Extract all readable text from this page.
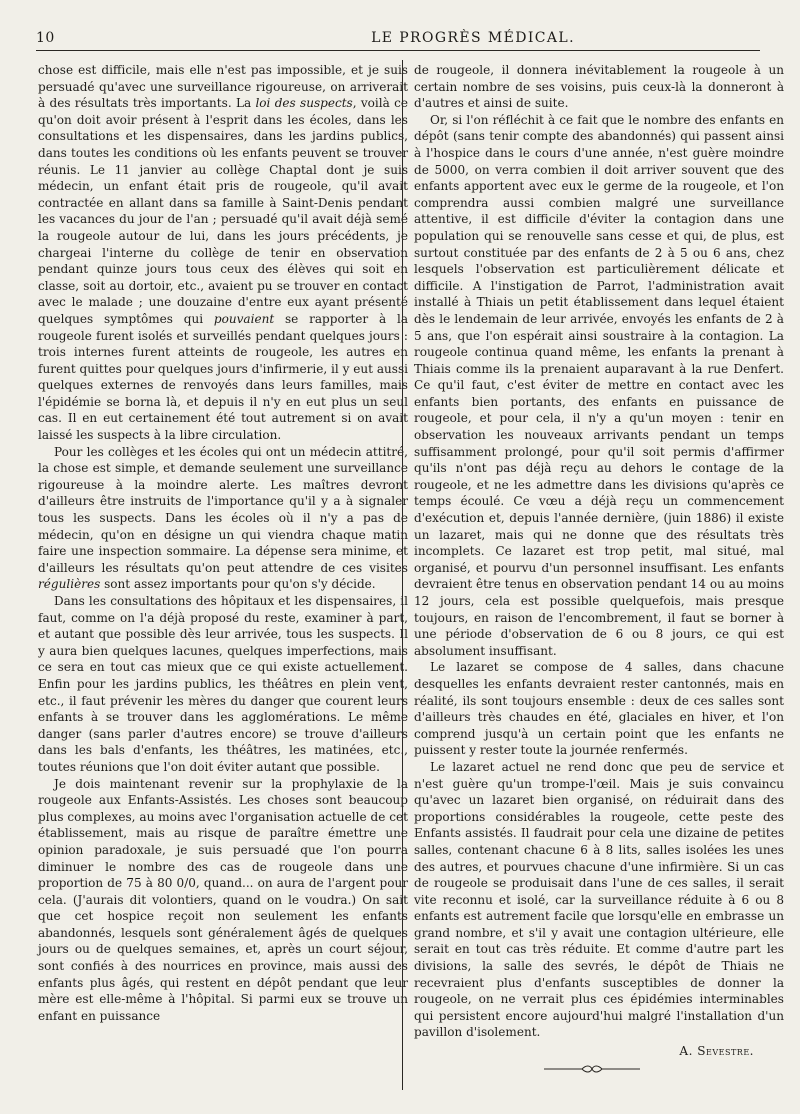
10	LE PROGRÈS MÉDICAL.

chose est difficile, mais elle n'est pas impossible, et je suis persuadé qu'avec une surveillance rigoureuse, on arriverait à des résultats très importants. La loi des suspects, voilà ce qu'on doit avoir présent à l'esprit dans les écoles, dans les consultations et les dispensaires, dans les jardins publics, dans toutes les conditions où les enfants peuvent se trouver réunis. Le 11 janvier au collège Chaptal dont je suis médecin, un enfant était pris de rougeole, qu'il avait contractée en allant dans sa famille à Saint-Denis pendant les vacances du jour de l'an ; persuadé qu'il avait déjà semé la rougeole autour de lui, dans les jours précédents, je chargeai l'interne du collège de tenir en observation pendant quinze jours tous ceux des élèves qui soit en classe, soit au dortoir, etc., avaient pu se trouver en contact avec le malade ; une douzaine d'entre eux ayant présenté quelques symptômes qui pouvaient se rapporter à la rougeole furent isolés et surveillés pendant quelques jours : trois internes furent atteints de rougeole, les autres en furent quittes pour quelques jours d'infirmerie, il y eut aussi quelques externes de renvoyés dans leurs familles, mais l'épidémie se borna là, et depuis il n'y en eut plus un seul cas. Il en eut certainement été tout autrement si on avait laissé les suspects à la libre circulation.

Pour les collèges et les écoles qui ont un médecin attitré, la chose est simple, et demande seulement une surveillance rigoureuse à la moindre alerte. Les maîtres devront d'ailleurs être instruits de l'importance qu'il y a à signaler tous les suspects. Dans les écoles où il n'y a pas de médecin, qu'on en désigne un qui viendra chaque matin faire une inspection sommaire. La dépense sera minime, et d'ailleurs les résultats qu'on peut attendre de ces visites régulières sont assez importants pour qu'on s'y décide.

Dans les consultations des hôpitaux et les dispensaires, il faut, comme on l'a déjà proposé du reste, examiner à part, et autant que possible dès leur arrivée, tous les suspects. Il y aura bien quelques lacunes, quelques imperfections, mais ce sera en tout cas mieux que ce qui existe actuellement. Enfin pour les jardins publics, les théâtres en plein vent, etc., il faut prévenir les mères du danger que courent leurs enfants à se trouver dans les agglomérations. Le même danger (sans parler d'autres encore) se trouve d'ailleurs dans les bals d'enfants, les théâtres, les matinées, etc., toutes réunions que l'on doit éviter autant que possible.

Je dois maintenant revenir sur la prophylaxie de la rougeole aux Enfants-Assistés. Les choses sont beaucoup plus complexes, au moins avec l'organisation actuelle de cet établissement, mais au risque de paraître émettre une opinion paradoxale, je suis persuadé que l'on pourra diminuer le nombre des cas de rougeole dans une proportion de 75 à 80 0/0, quand... on aura de l'argent pour cela. (J'aurais dit volontiers, quand on le voudra.) On sait que cet hospice reçoit non seulement les enfants abandonnés, lesquels sont généralement âgés de quelques jours ou de quelques semaines, et, après un court séjour, sont confiés à des nourrices en province, mais aussi des enfants plus âgés, qui restent en dépôt pendant que leur mère est elle-même à l'hôpital. Si parmi eux se trouve un enfant en puissance

de rougeole, il donnera inévitablement la rougeole à un certain nombre de ses voisins, puis ceux-là la donneront à d'autres et ainsi de suite.

Or, si l'on réfléchit à ce fait que le nombre des enfants en dépôt (sans tenir compte des abandonnés) qui passent ainsi à l'hospice dans le cours d'une année, n'est guère moindre de 5000, on verra combien il doit arriver souvent que des enfants apportent avec eux le germe de la rougeole, et l'on comprendra aussi combien malgré une surveillance attentive, il est difficile d'éviter la contagion dans une population qui se renouvelle sans cesse et qui, de plus, est surtout constituée par des enfants de 2 à 5 ou 6 ans, chez lesquels l'observation est particulièrement délicate et difficile. A l'instigation de Parrot, l'administration avait installé à Thiais un petit établissement dans lequel étaient dès le lendemain de leur arrivée, envoyés les enfants de 2 à 5 ans, que l'on espérait ainsi soustraire à la contagion. La rougeole continua quand même, les enfants la prenant à Thiais comme ils la prenaient auparavant à la rue Denfert. Ce qu'il faut, c'est éviter de mettre en contact avec les enfants bien portants, des enfants en puissance de rougeole, et pour cela, il n'y a qu'un moyen : tenir en observation les nouveaux arrivants pendant un temps suffisamment prolongé, pour qu'il soit permis d'affirmer qu'ils n'ont pas déjà reçu au dehors le contage de la rougeole, et ne les admettre dans les divisions qu'après ce temps écoulé. Ce vœu a déjà reçu un commencement d'exécution et, depuis l'année dernière, (juin 1886) il existe un lazaret, mais qui ne donne que des résultats très incomplets. Ce lazaret est trop petit, mal situé, mal organisé, et pourvu d'un personnel insuffisant. Les enfants devraient être tenus en observation pendant 14 ou au moins 12 jours, cela est possible quelquefois, mais presque toujours, en raison de l'encombrement, il faut se borner à une période d'observation de 6 ou 8 jours, ce qui est absolument insuffisant.

Le lazaret se compose de 4 salles, dans chacune desquelles les enfants devraient rester cantonnés, mais en réalité, ils sont toujours ensemble : deux de ces salles sont d'ailleurs très chaudes en été, glaciales en hiver, et l'on comprend jusqu'à un certain point que les enfants ne puissent y rester toute la journée renfermés.

Le lazaret actuel ne rend donc que peu de service et n'est guère qu'un trompe-l'œil. Mais je suis convaincu qu'avec un lazaret bien organisé, on réduirait dans des proportions considérables la rougeole, cette peste des Enfants assistés. Il faudrait pour cela une dizaine de petites salles, contenant chacune 6 à 8 lits, salles isolées les unes des autres, et pourvues chacune d'une infirmière. Si un cas de rougeole se produisait dans l'une de ces salles, il serait vite reconnu et isolé, car la surveillance réduite à 6 ou 8 enfants est autrement facile que lorsqu'elle en embrasse un grand nombre, et s'il y avait une contagion ultérieure, elle serait en tout cas très réduite. Et comme d'autre part les divisions, la salle des sevrés, le dépôt de Thiais ne recevraient plus d'enfants susceptibles de donner la rougeole, on ne verrait plus ces épidémies interminables qui persistent encore aujourd'hui malgré l'installation d'un pavillon d'isolement.

A. Sevestre.
